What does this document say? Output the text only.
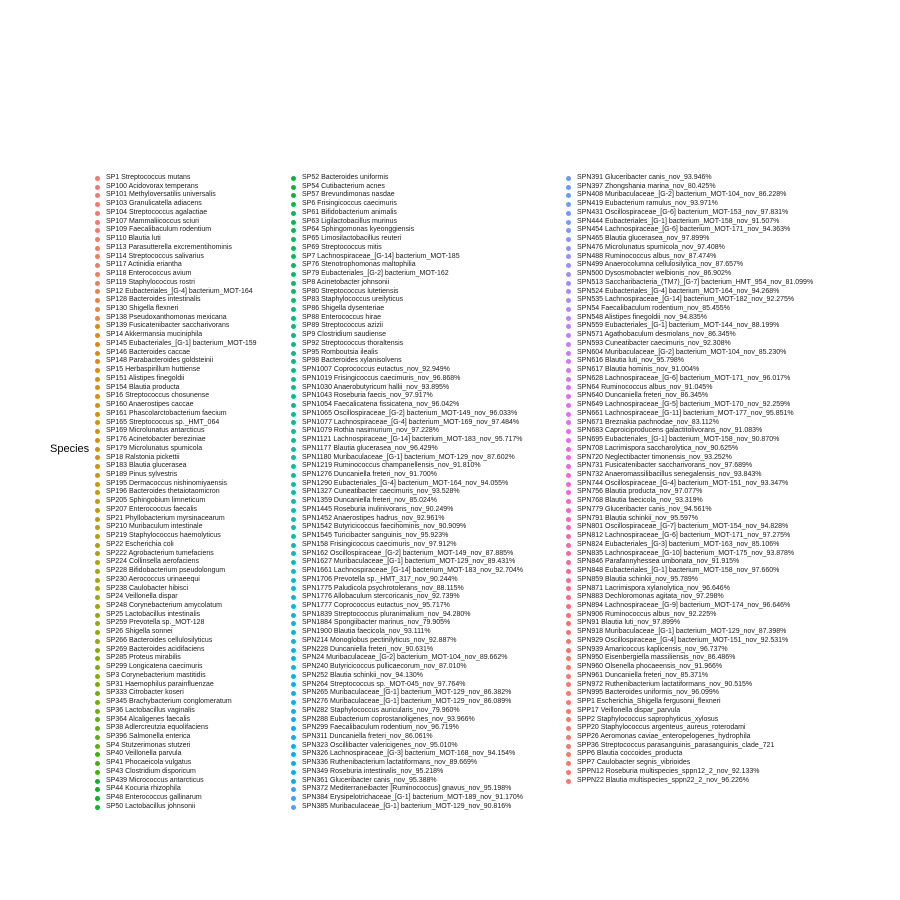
Species
SP1 Streptococcus mutans
SP100 Acidovorax temperans
SP101 Methyloversatilis universalis
SP103 Granulicatella adiacens
SP104 Streptococcus agalactiae
SP107 Mammaliicoccus sciuri
SP109 Faecalibaculum rodentium
SP110 Blautia luti
SP113 Parasutterella excrementihominis
SP114 Streptococcus salivarius
SP117 Actinidia eriantha
SP118 Enterococcus avium
SP119 Staphylococcus rostri
SP12 Eubacteriales_[G-4] bacterium_MOT-164
SP128 Bacteroides intestinalis
SP130 Shigella flexneri
SP138 Pseudoxanthomonas mexicana
SP139 Fusicatenibacter saccharivorans
SP14 Akkermansia muciniphila
SP145 Eubacteriales_[G-1] bacterium_MOT-159
SP146 Bacteroides caccae
SP148 Parabacteroides goldsteinii
SP15 Herbaspirillum huttiense
SP151 Alistipes finegoldii
SP154 Blautia producta
SP16 Streptococcus chosunense
SP160 Anaerostipes caccae
SP161 Phascolarctobacterium faecium
SP165 Streptococcus sp._HMT_064
SP169 Microlunatus antarcticus
SP176 Acinetobacter bereziniae
SP179 Microlunatus spumicola
SP18 Ralstonia pickettii
SP183 Blautia glucerasea
SP189 Pinus sylvestris
SP195 Dermacoccus nishinomiyaensis
SP196 Bacteroides thetaiotaomicron
SP205 Sphingobium limneticum
SP207 Enterococcus faecalis
SP21 Phyllobacterium myrsinacearum
SP210 Muribaculum intestinale
SP219 Staphylococcus haemolyticus
SP22 Escherichia coli
SP222 Agrobacterium tumefaciens
SP224 Collinsella aerofaciens
SP228 Bifidobacterium pseudolongum
SP230 Aerococcus urinaeequi
SP238 Caulobacter hibisci
SP24 Veillonella dispar
SP248 Corynebacterium amycolatum
SP25 Lactobacillus intestinalis
SP259 Prevotella sp._MOT-128
SP26 Shigella sonnei
SP266 Bacteroides cellulosilyticus
SP269 Bacteroides acidifaciens
SP285 Proteus mirabilis
SP299 Longicatena caecimuris
SP3 Corynebacterium mastitidis
SP31 Haemophilus parainfluenzae
SP333 Citrobacter koseri
SP345 Brachybacterium conglomeratum
SP36 Lactobacillus vaginalis
SP364 Alcaligenes faecalis
SP38 Adlercreutzia equolifaciens
SP396 Salmonella enterica
SP4 Stutzerimonas stutzeri
SP40 Veillonella parvula
SP41 Phocaeicola vulgatus
SP43 Clostridium disporicum
SP439 Micrococcus antarcticus
SP44 Kocuria rhizophila
SP48 Enterococcus gallinarum
SP50 Lactobacillus johnsonii
SP52 Bacteroides uniformis
SP54 Cutibacterium acnes
SP57 Brevundimonas nasdae
SP6 Frisingicoccus caecimuris
SP61 Bifidobacterium animalis
SP63 Ligilactobacillus murinus
SP64 Sphingomonas kyeonggiensis
SP65 Limosilactobacillus reuteri
SP69 Streptococcus mitis
SP7 Lachnospiraceae_[G-14] bacterium_MOT-185
SP76 Stenotrophomonas maltophilia
SP79 Eubacteriales_[G-2] bacterium_MOT-162
SP8 Acinetobacter johnsonii
SP80 Streptococcus lutetiensis
SP83 Staphylococcus ureilyticus
SP86 Shigella dysenteriae
SP88 Enterococcus hirae
SP89 Streptococcus azizii
SP9 Clostridium saudiense
SP92 Streptococcus thoraltensis
SP95 Romboutsia ilealis
SP98 Bacteroides xylanisolvens
SPN1007 Coprococcus eutactus_nov_92.949%
SPN1019 Frisingicoccus caecimuris_nov_96.868%
SPN1030 Anaerobutyricum hallii_nov_93.895%
SPN1043 Roseburia faecis_nov_97.917%
SPN1054 Faecalicatena fissicatena_nov_96.042%
SPN1065 Oscillospiraceae_[G-2] bacterium_MOT-149_nov_96.033%
SPN1077 Lachnospiraceae_[G-4] bacterium_MOT-169_nov_97.484%
SPN1079 Rothia nasimurium_nov_97.228%
SPN1121 Lachnospiraceae_[G-14] bacterium_MOT-183_nov_95.717%
SPN1177 Blautia glucerasea_nov_96.429%
SPN1180 Muribaculaceae_[G-1] bacterium_MOT-129_nov_87.602%
SPN1219 Ruminococcus champanellensis_nov_91.810%
SPN1276 Duncaniella freteri_nov_91.700%
SPN1290 Eubacteriales_[G-4] bacterium_MOT-164_nov_94.055%
SPN1327 Cuneatibacter caecimuris_nov_93.528%
SPN1359 Duncaniella freteri_nov_85.024%
SPN1445 Roseburia inulinivorans_nov_90.249%
SPN1452 Anaerostipes hadrus_nov_92.961%
SPN1542 Butyricicoccus faecihominis_nov_90.909%
SPN1545 Turicibacter sanguinis_nov_95.923%
SPN158 Frisingicoccus caecimuris_nov_97.912%
SPN162 Oscillospiraceae_[G-2] bacterium_MOT-149_nov_87.885%
SPN1627 Muribaculaceae_[G-1] bacterium_MOT-129_nov_89.431%
SPN1661 Lachnospiraceae_[G-14] bacterium_MOT-183_nov_92.704%
SPN1706 Prevotella sp._HMT_317_nov_90.244%
SPN1775 Paludicola psychrotolerans_nov_88.115%
SPN1776 Allobaculum stercoricanis_nov_92.739%
SPN1777 Coprococcus eutactus_nov_95.717%
SPN1839 Streptococcus pluranimalium_nov_94.280%
SPN1884 Spongiibacter marinus_nov_79.905%
SPN1900 Blautia faecicola_nov_93.111%
SPN214 Monoglobus pectinilyticus_nov_92.887%
SPN228 Duncaniella freteri_nov_90.631%
SPN24 Muribaculaceae_[G-2] bacterium_MOT-104_nov_89.662%
SPN240 Butyricicoccus pullicaecorum_nov_87.010%
SPN252 Blautia schinkii_nov_94.130%
SPN264 Streptococcus sp._MOT-045_nov_97.764%
SPN265 Muribaculaceae_[G-1] bacterium_MOT-129_nov_86.382%
SPN276 Muribaculaceae_[G-1] bacterium_MOT-129_nov_86.089%
SPN282 Staphylococcus auricularis_nov_79.960%
SPN288 Eubacterium coprostanoligenes_nov_93.966%
SPN299 Faecalibaculum rodentium_nov_96.719%
SPN311 Duncaniella freteri_nov_86.061%
SPN323 Oscillibacter valericigenes_nov_95.010%
SPN326 Lachnospiraceae_[G-3] bacterium_MOT-168_nov_94.154%
SPN336 Ruthenibacterium lactatiformans_nov_89.669%
SPN349 Roseburia intestinalis_nov_95.218%
SPN361 Gluceribacter canis_nov_95.388%
SPN372 Mediterraneibacter [Ruminococcus] gnavus_nov_95.198%
SPN384 Erysipelotrichaceae_[G-1] bacterium_MOT-189_nov_91.170%
SPN385 Muribaculaceae_[G-1] bacterium_MOT-129_nov_90.816%
SPN391 Gluceribacter canis_nov_93.946%
SPN397 Zhongshania marina_nov_80.425%
SPN408 Muribaculaceae_[G-2] bacterium_MOT-104_nov_86.228%
SPN419 Eubacterium ramulus_nov_93.971%
SPN431 Oscillospiraceae_[G-6] bacterium_MOT-153_nov_97.831%
SPN444 Eubacteriales_[G-1] bacterium_MOT-158_nov_91.507%
SPN454 Lachnospiraceae_[G-6] bacterium_MOT-171_nov_94.363%
SPN465 Blautia glucerasea_nov_97.899%
SPN476 Microlunatus spumicola_nov_97.408%
SPN488 Ruminococcus albus_nov_87.474%
SPN499 Anaerocolumna cellulosilytica_nov_87.657%
SPN500 Dysosmobacter welbionis_nov_86.902%
SPN513 Saccharibacteria_(TM7)_[G-7] bacterium_HMT_954_nov_81.099%
SPN524 Eubacteriales_[G-4] bacterium_MOT-164_nov_94.268%
SPN535 Lachnospiraceae_[G-14] bacterium_MOT-182_nov_92.275%
SPN54 Faecalibaculum rodentium_nov_85.455%
SPN548 Alistipes finegoldii_nov_94.835%
SPN559 Eubacteriales_[G-1] bacterium_MOT-144_nov_88.199%
SPN571 Agathobaculum desmolans_nov_86.345%
SPN593 Cuneatibacter caecimuris_nov_92.308%
SPN604 Muribaculaceae_[G-2] bacterium_MOT-104_nov_85.230%
SPN616 Blautia luti_nov_95.798%
SPN617 Blautia hominis_nov_91.004%
SPN628 Lachnospiraceae_[G-6] bacterium_MOT-171_nov_96.017%
SPN64 Ruminococcus albus_nov_91.045%
SPN640 Duncaniella freteri_nov_86.345%
SPN649 Lachnospiraceae_[G-5] bacterium_MOT-170_nov_92.259%
SPN661 Lachnospiraceae_[G-11] bacterium_MOT-177_nov_95.851%
SPN671 Breznakia pachnodae_nov_83.112%
SPN683 Caproiciproducens galactitolivorans_nov_91.083%
SPN695 Eubacteriales_[G-1] bacterium_MOT-158_nov_90.870%
SPN708 Lacrimispora saccharolytica_nov_90.625%
SPN720 Neglectibacter timonensis_nov_93.252%
SPN731 Fusicatenibacter saccharivorans_nov_97.689%
SPN732 Anaeromassilibacillus senegalensis_nov_93.843%
SPN744 Oscillospiraceae_[G-4] bacterium_MOT-151_nov_93.347%
SPN756 Blautia producta_nov_97.077%
SPN768 Blautia faecicola_nov_93.319%
SPN779 Gluceribacter canis_nov_94.561%
SPN791 Blautia schinkii_nov_95.597%
SPN801 Oscillospiraceae_[G-7] bacterium_MOT-154_nov_94.828%
SPN812 Lachnospiraceae_[G-6] bacterium_MOT-171_nov_97.275%
SPN824 Eubacteriales_[G-3] bacterium_MOT-163_nov_85.106%
SPN835 Lachnospiraceae_[G-10] bacterium_MOT-175_nov_93.878%
SPN846 Parafannyhessea umbonata_nov_91.915%
SPN848 Eubacteriales_[G-1] bacterium_MOT-158_nov_97.660%
SPN859 Blautia schinkii_nov_95.789%
SPN871 Lacrimispora xylanolytica_nov_96.646%
SPN883 Dechloromonas agitata_nov_97.298%
SPN894 Lachnospiraceae_[G-9] bacterium_MOT-174_nov_96.646%
SPN906 Ruminococcus albus_nov_92.225%
SPN91 Blautia luti_nov_97.899%
SPN918 Muribaculaceae_[G-1] bacterium_MOT-129_nov_87.398%
SPN929 Oscillospiraceae_[G-4] bacterium_MOT-151_nov_92.531%
SPN939 Amaricoccus kaplicensis_nov_96.737%
SPN950 Eisenbergiella massiliensis_nov_86.486%
SPN960 Olsenella phocaeensis_nov_91.966%
SPN961 Duncaniella freteri_nov_85.371%
SPN972 Ruthenibacterium lactatiformans_nov_90.515%
SPN995 Bacteroides uniformis_nov_96.099%
SPP1 Escherichia_Shigella fergusonii_flexneri
SPP17 Veillonella dispar_parvula
SPP2 Staphylococcus saprophyticus_xylosus
SPP20 Staphylococcus argenteus_aureus_roterodami
SPP26 Aeromonas caviae_enteropelogenes_hydrophila
SPP36 Streptococcus parasanguinis_parasanguinis_clade_721
SPP6 Blautia coccoides_producta
SPP7 Caulobacter segnis_vibrioides
SPPN12 Roseburia multispecies_sppn12_2_nov_92.133%
SPPN22 Blautia multispecies_sppn22_2_nov_96.226%
